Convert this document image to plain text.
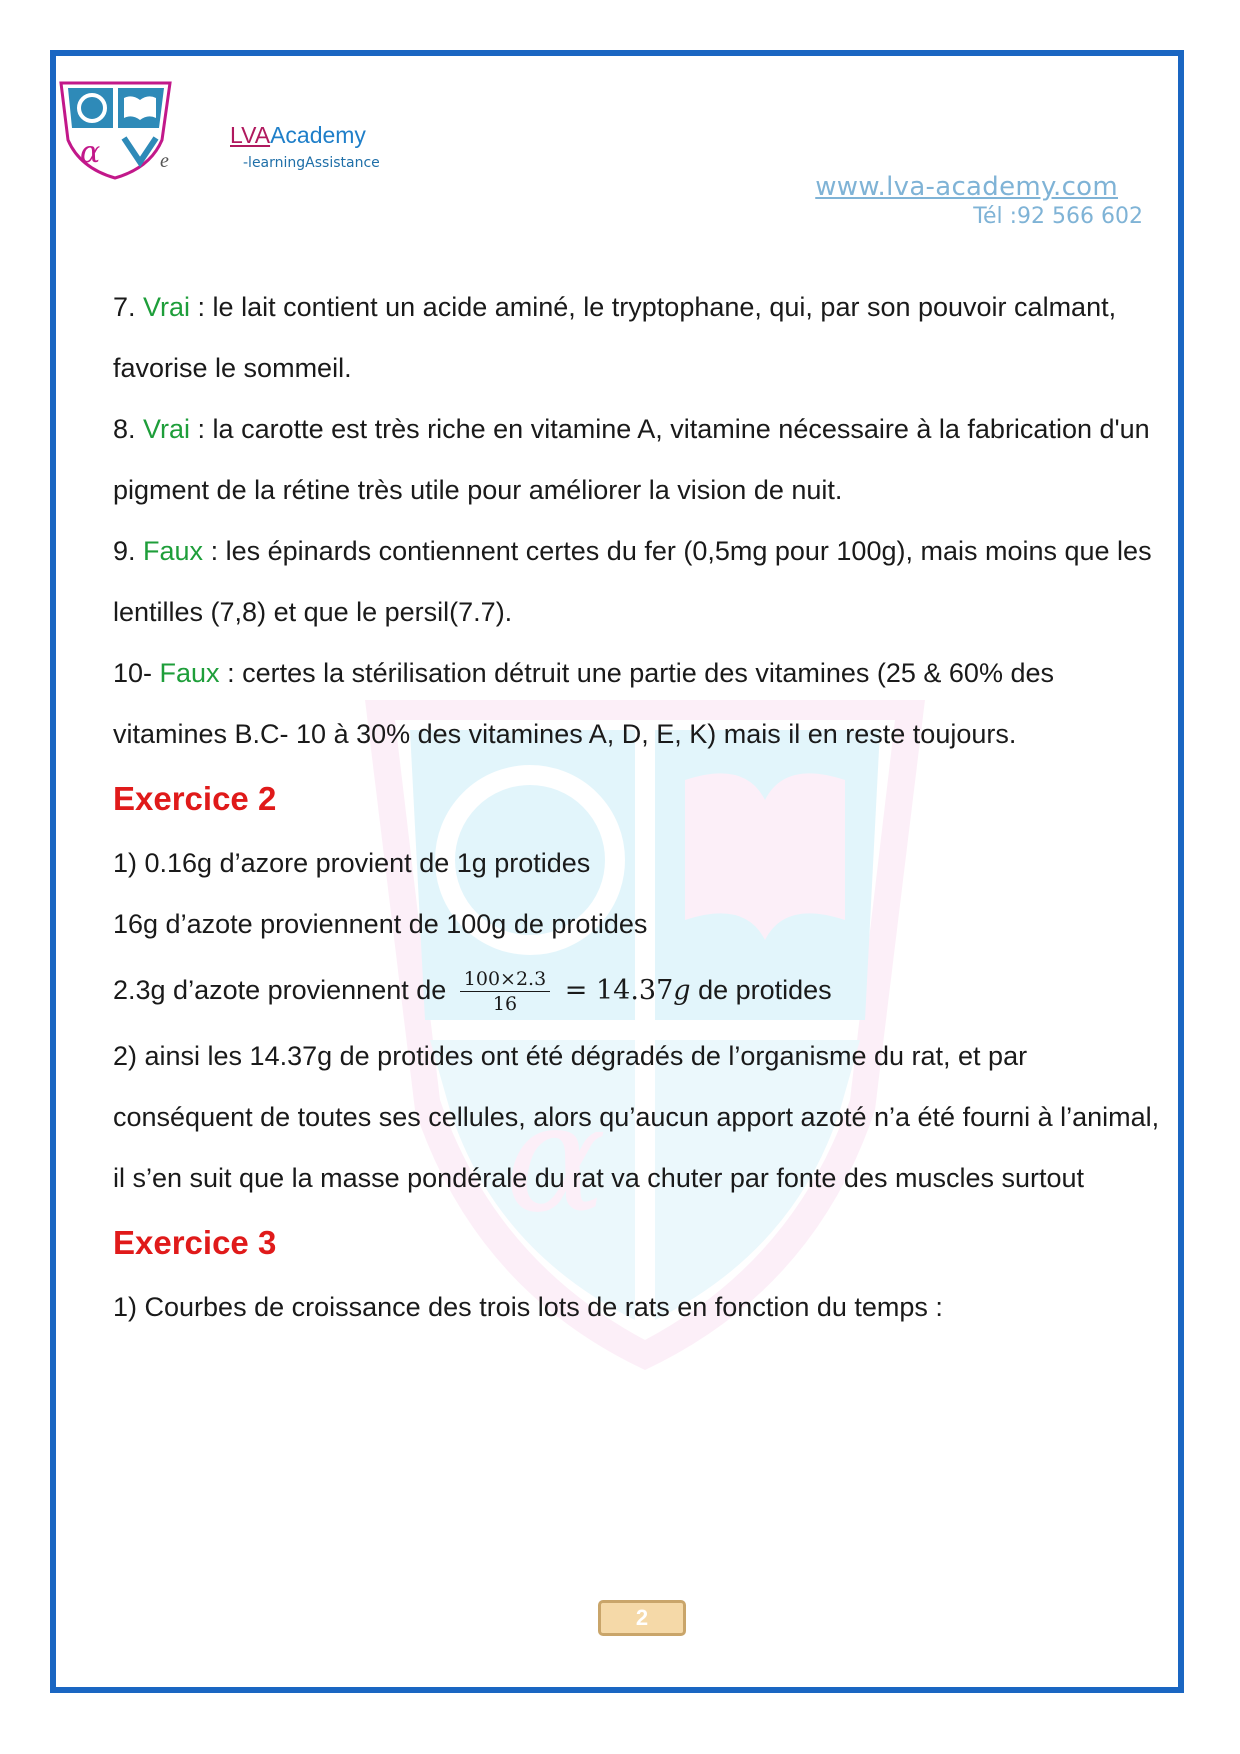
α
α	LVAAcademy
-learningAssistance
e
www.lva-academy.com
Tél :92 566 602

7. Vrai : le lait contient un acide aminé, le tryptophane, qui, par son pouvoir calmant, favorise le sommeil.

8. Vrai : la carotte est très riche en vitamine A, vitamine nécessaire à la fabrication d'un pigment de la rétine très utile pour améliorer la vision de nuit.

9. Faux : les épinards contiennent certes du fer (0,5mg pour 100g), mais moins que les lentilles (7,8) et que le persil(7.7).

10- Faux : certes la stérilisation détruit une partie des vitamines (25 & 60% des vitamines B.C- 10 à 30% des vitamines A, D, E, K) mais il en reste toujours.

Exercice 2

1) 0.16g d’azore provient de 1g protides

16g d’azote proviennent de 100g de protides

2.3g d’azote proviennent de $\frac{100\times 2.3}{16} = 14.37g$ de protides

2) ainsi les 14.37g de protides ont été dégradés de l’organisme du rat, et par conséquent de toutes ses cellules, alors qu’aucun apport azoté n’a été fourni à l’animal, il s’en suit que la masse pondérale du rat va chuter par fonte des muscles surtout

Exercice 3

1) Courbes de croissance des trois lots de rats en fonction du temps :

2
